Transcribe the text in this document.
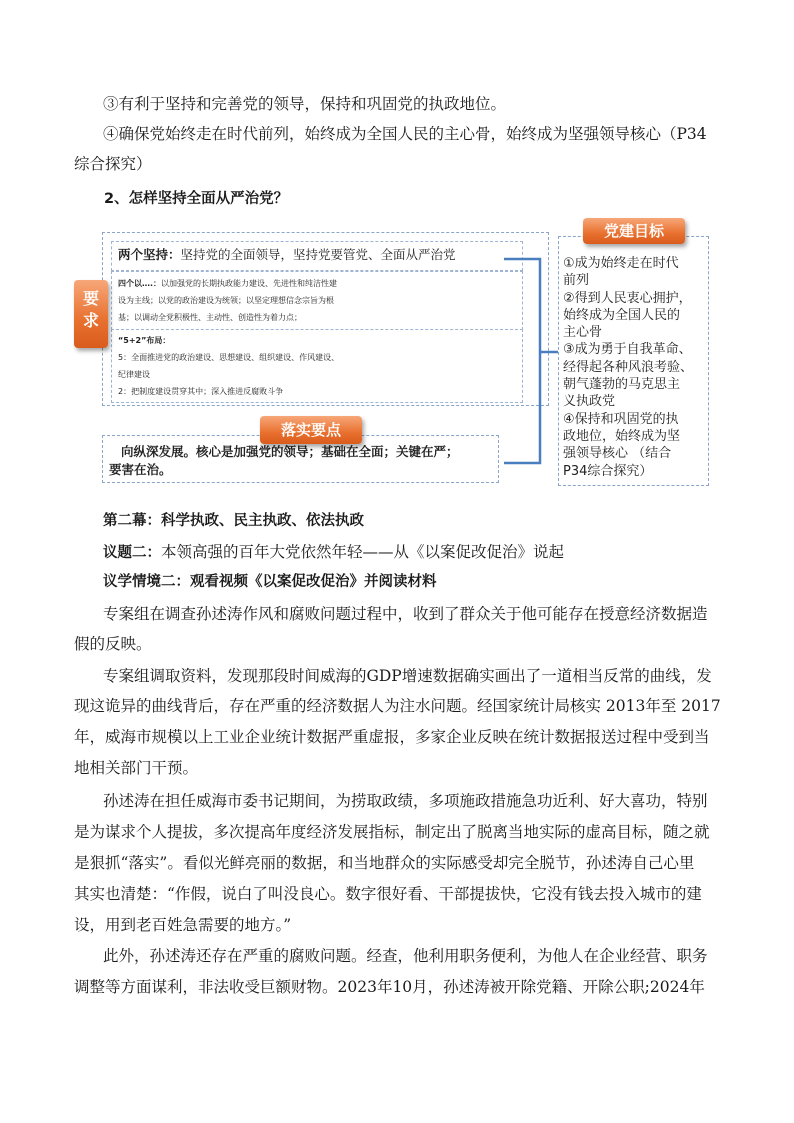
③有利于坚持和完善党的领导，保持和巩固党的执政地位。
④确保党始终走在时代前列，始终成为全国人民的主心骨，始终成为坚强领导核心（P34
综合探究）
2、怎样坚持全面从严治党？
两个坚持：坚持党的全面领导，坚持党要管党、全面从严治党
四个以….：以加强党的长期执政能力建设、先进性和纯洁性建
设为主线；以党的政治建设为统领；以坚定理想信念宗旨为根
基；以调动全党积极性、主动性、创造性为着力点；
“5+2”布局：
5：全面推进党的政治建设、思想建设、组织建设、作风建设、
纪律建设
2：把制度建设贯穿其中；深入推进反腐败斗争
要
求
向纵深发展。核心是加强党的领导；基础在全面；关键在严；
要害在治。
落实要点
①成为始终走在时代
前列
②得到人民衷心拥护，
始终成为全国人民的
主心骨
③成为勇于自我革命、
经得起各种风浪考验、
朝气蓬勃的马克思主
义执政党
④保持和巩固党的执
政地位，始终成为坚
强领导核心 （结合
P34综合探究）
党建目标
第二幕：科学执政、民主执政、依法执政
议题二：本领高强的百年大党依然年轻——从《以案促改促治》说起
议学情境二：观看视频《以案促改促治》并阅读材料
专案组在调查孙述涛作风和腐败问题过程中，收到了群众关于他可能存在授意经济数据造
假的反映。
专案组调取资料，发现那段时间威海的GDP增速数据确实画出了一道相当反常的曲线，发
现这诡异的曲线背后，存在严重的经济数据人为注水问题。经国家统计局核实 2013年至 2017
年，威海市规模以上工业企业统计数据严重虚报，多家企业反映在统计数据报送过程中受到当
地相关部门干预。
孙述涛在担任威海市委书记期间，为捞取政绩，多项施政措施急功近利、好大喜功，特别
是为谋求个人提拔，多次提高年度经济发展指标，制定出了脱离当地实际的虚高目标，随之就
是狠抓“落实”。看似光鲜亮丽的数据，和当地群众的实际感受却完全脱节，孙述涛自己心里
其实也清楚：“作假，说白了叫没良心。数字很好看、干部提拔快，它没有钱去投入城市的建
设，用到老百姓急需要的地方。”
此外，孙述涛还存在严重的腐败问题。经查，他利用职务便利，为他人在企业经营、职务
调整等方面谋利，非法收受巨额财物。2023年10月，孙述涛被开除党籍、开除公职;2024年
